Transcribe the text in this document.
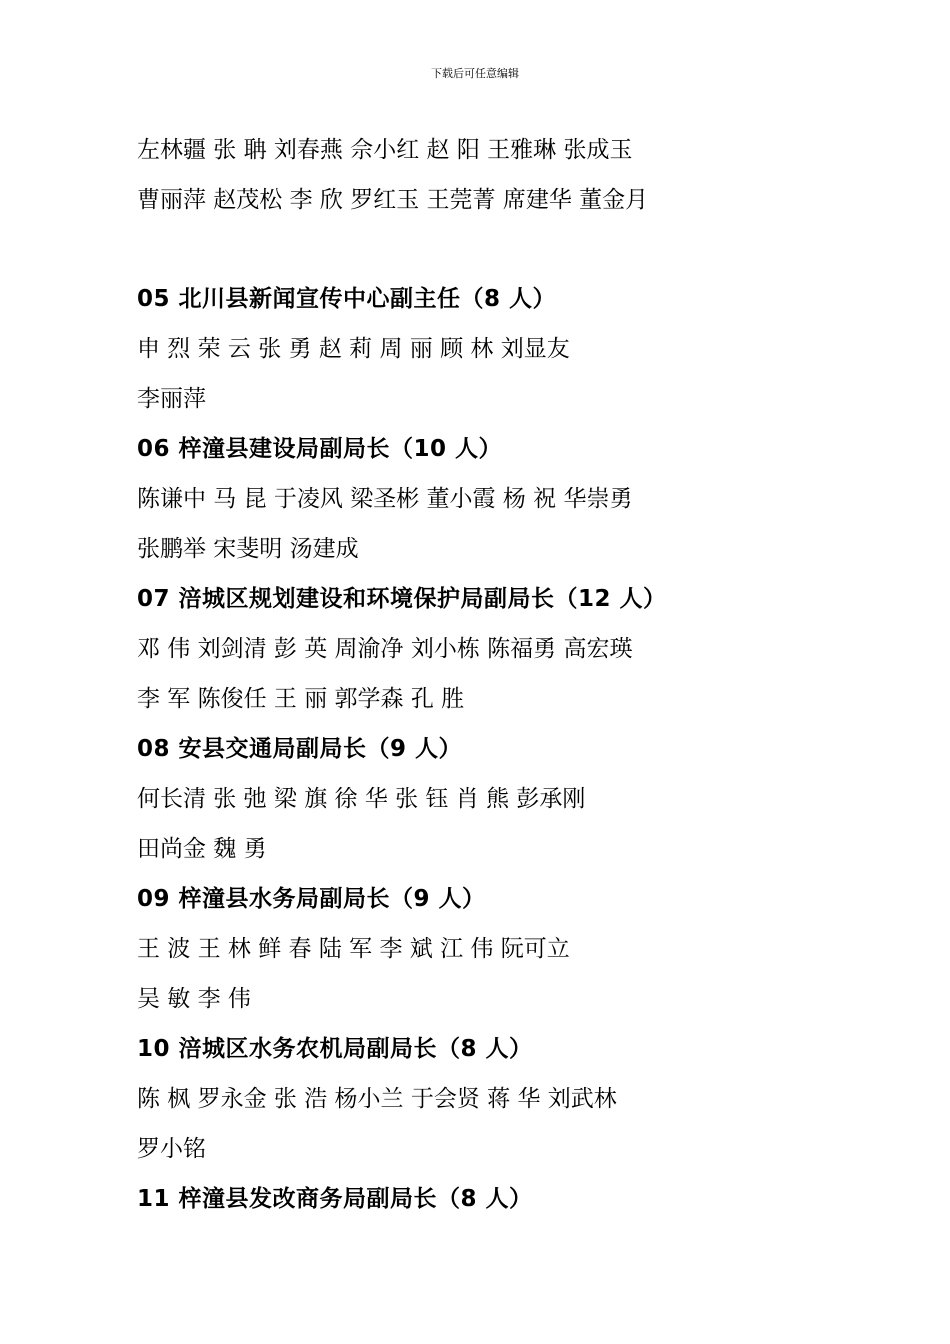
下载后可任意编辑
左林疆 张 聃 刘春燕 佘小红 赵 阳 王雅琳 张成玉
曹丽萍 赵茂松 李 欣 罗红玉 王莞菁 席建华 董金月
05 北川县新闻宣传中心副主任（8 人）
申 烈 荣 云 张 勇 赵 莉 周 丽 顾 林 刘显友
李丽萍
06 梓潼县建设局副局长（10 人）
陈谦中 马 昆 于凌风 梁圣彬 董小霞 杨 祝 华崇勇
张鹏举 宋斐明 汤建成
07 涪城区规划建设和环境保护局副局长（12 人）
邓 伟 刘剑清 彭 英 周渝净 刘小栋 陈福勇 高宏瑛
李 军 陈俊任 王 丽 郭学森 孔 胜
08 安县交通局副局长（9 人）
何长清 张 弛 梁 旗 徐 华 张 钰 肖 熊 彭承刚
田尚金 魏 勇
09 梓潼县水务局副局长（9 人）
王 波 王 林 鲜 春 陆 军 李 斌 江 伟 阮可立
吴 敏 李 伟
10 涪城区水务农机局副局长（8 人）
陈 枫 罗永金 张 浩 杨小兰 于会贤 蒋 华 刘武林
罗小铭
11 梓潼县发改商务局副局长（8 人）
